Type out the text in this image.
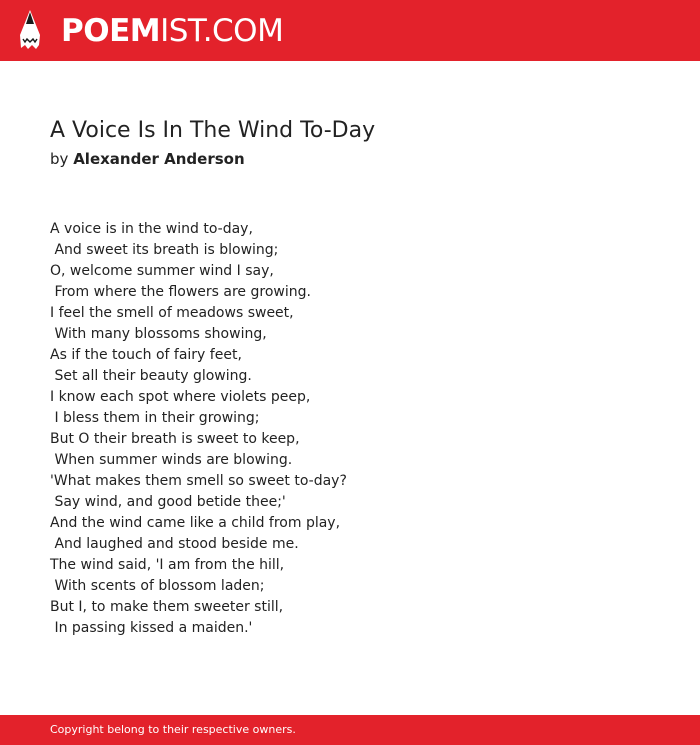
POEMIST.COM
A Voice Is In The Wind To-Day
by Alexander Anderson
A voice is in the wind to-day,
And sweet its breath is blowing;
O, welcome summer wind I say,
From where the flowers are growing.
I feel the smell of meadows sweet,
With many blossoms showing,
As if the touch of fairy feet,
Set all their beauty glowing.
I know each spot where violets peep,
I bless them in their growing;
But O their breath is sweet to keep,
When summer winds are blowing.
'What makes them smell so sweet to-day?
Say wind, and good betide thee;'
And the wind came like a child from play,
And laughed and stood beside me.
The wind said, 'I am from the hill,
With scents of blossom laden;
But I, to make them sweeter still,
In passing kissed a maiden.'
Copyright belong to their respective owners.
